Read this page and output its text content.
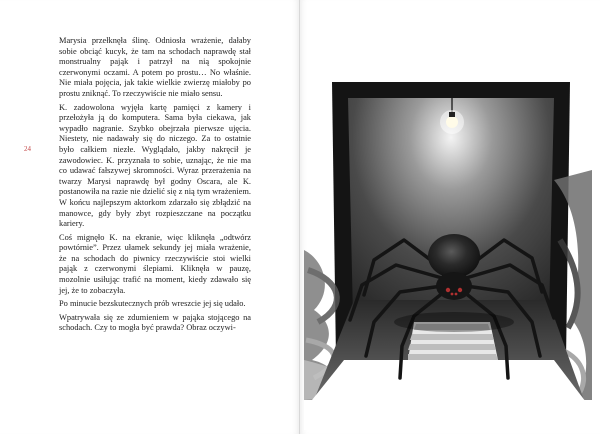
24

Marysia przełknęła ślinę. Odniosła wrażenie, dałaby sobie obciąć kucyk, że tam na schodach naprawdę stał monstrualny pająk i patrzył na nią spokojnie czerwonymi oczami. A potem po prostu… No właśnie. Nie miała pojęcia, jak takie wielkie zwierzę miałoby po prostu zniknąć. To rzeczywiście nie miało sensu.

K. zadowolona wyjęła kartę pamięci z kamery i przełożyła ją do komputera. Sama była ciekawa, jak wypadło nagranie. Szybko obejrzała pierwsze ujęcia. Niestety, nie nadawały się do niczego. Za to ostatnie było całkiem niezłe. Wyglądało, jakby nakręcił je zawodowiec. K. przyznała to sobie, uznając, że nie ma co udawać fałszywej skromności. Wyraz przerażenia na twarzy Marysi naprawdę był godny Oscara, ale K. postanowiła na razie nie dzielić się z nią tym wrażeniem. W końcu najlepszym aktorkom zdarzało się zbłądzić na manowce, gdy były zbyt rozpieszczane na początku kariery.

Coś mignęło K. na ekranie, więc kliknęła „odtwórz powtórnie”. Przez ułamek sekundy jej miała wrażenie, że na schodach do piwnicy rzeczywiście stoi wielki pająk z czerwonymi ślepiami. Kliknęła w pauzę, mozolnie usiłując trafić na moment, kiedy zdawało się jej, że to zobaczyła.

Po minucie bezskutecznych prób wreszcie jej się udało.

Wpatrywała się ze zdumieniem w pająka stojącego na schodach. Czy to mogła być prawda? Obraz oczywi-
